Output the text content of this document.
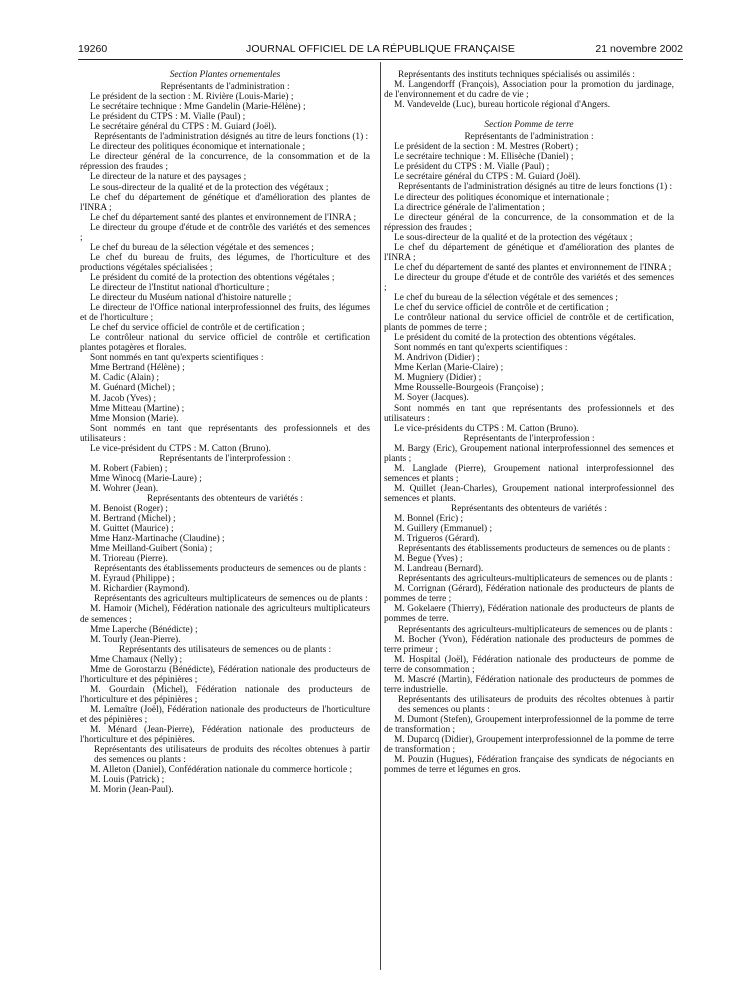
19260	JOURNAL OFFICIEL DE LA RÉPUBLIQUE FRANÇAISE	21 novembre 2002

Section Plantes ornementales

Représentants de l'administration :

Le président de la section : M. Rivière (Louis-Marie) ;

Le secrétaire technique : Mme Gandelin (Marie-Hélène) ;

Le président du CTPS : M. Vialle (Paul) ;

Le secrétaire général du CTPS : M. Guiard (Joël).

Représentants de l'administration désignés au titre de leurs fonctions (1) :

Le directeur des politiques économique et internationale ;

Le directeur général de la concurrence, de la consommation et de la répression des fraudes ;

Le directeur de la nature et des paysages ;

Le sous-directeur de la qualité et de la protection des végétaux ;

Le chef du département de génétique et d'amélioration des plantes de l'INRA ;

Le chef du département santé des plantes et environnement de l'INRA ;

Le directeur du groupe d'étude et de contrôle des variétés et des semences ;

Le chef du bureau de la sélection végétale et des semences ;

Le chef du bureau de fruits, des légumes, de l'horticulture et des productions végétales spécialisées ;

Le président du comité de la protection des obtentions végétales ;

Le directeur de l'Institut national d'horticulture ;

Le directeur du Muséum national d'histoire naturelle ;

Le directeur de l'Office national interprofessionnel des fruits, des légumes et de l'horticulture ;

Le chef du service officiel de contrôle et de certification ;

Le contrôleur national du service officiel de contrôle et certification plantes potagères et florales.

Sont nommés en tant qu'experts scientifiques :

Mme Bertrand (Hélène) ;

M. Cadic (Alain) ;

M. Guénard (Michel) ;

M. Jacob (Yves) ;

Mme Mitteau (Martine) ;

Mme Monsion (Marie).

Sont nommés en tant que représentants des professionnels et des utilisateurs :

Le vice-président du CTPS : M. Catton (Bruno).

Représentants de l'interprofession :

M. Robert (Fabien) ;

Mme Winocq (Marie-Laure) ;

M. Wohrer (Jean).

Représentants des obtenteurs de variétés :

M. Benoist (Roger) ;

M. Bertrand (Michel) ;

M. Guittet (Maurice) ;

Mme Hanz-Martinache (Claudine) ;

Mme Meilland-Guibert (Sonia) ;

M. Trioreau (Pierre).

Représentants des établissements producteurs de semences ou de plants :

M. Eyraud (Philippe) ;

M. Richardier (Raymond).

Représentants des agriculteurs multiplicateurs de semences ou de plants :

M. Hamoir (Michel), Fédération nationale des agriculteurs multiplicateurs de semences ;

Mme Laperche (Bénédicte) ;

M. Tourly (Jean-Pierre).

Représentants des utilisateurs de semences ou de plants :

Mme Chamaux (Nelly) ;

Mme de Gorostarzu (Bénédicte), Fédération nationale des producteurs de l'horticulture et des pépinières ;

M. Gourdain (Michel), Fédération nationale des producteurs de l'horticulture et des pépinières ;

M. Lemaître (Joël), Fédération nationale des producteurs de l'horticulture et des pépinières ;

M. Ménard (Jean-Pierre), Fédération nationale des producteurs de l'horticulture et des pépinières.

Représentants des utilisateurs de produits des récoltes obtenues à partir des semences ou plants :

M. Alleton (Daniel), Confédération nationale du commerce horticole ;

M. Louis (Patrick) ;

M. Morin (Jean-Paul).

Représentants des instituts techniques spécialisés ou assimilés :

M. Langendorff (François), Association pour la promotion du jardinage, de l'environnement et du cadre de vie ;

M. Vandevelde (Luc), bureau horticole régional d'Angers.

Section Pomme de terre

Représentants de l'administration :

Le président de la section : M. Mestres (Robert) ;

Le secrétaire technique : M. Ellisèche (Daniel) ;

Le président du CTPS : M. Vialle (Paul) ;

Le secrétaire général du CTPS : M. Guiard (Joël).

Représentants de l'administration désignés au titre de leurs fonctions (1) :

Le directeur des politiques économique et internationale ;

La directrice générale de l'alimentation ;

Le directeur général de la concurrence, de la consommation et de la répression des fraudes ;

Le sous-directeur de la qualité et de la protection des végétaux ;

Le chef du département de génétique et d'amélioration des plantes de l'INRA ;

Le chef du département de santé des plantes et environnement de l'INRA ;

Le directeur du groupe d'étude et de contrôle des variétés et des semences ;

Le chef du bureau de la sélection végétale et des semences ;

Le chef du service officiel de contrôle et de certification ;

Le contrôleur national du service officiel de contrôle et de certification, plants de pommes de terre ;

Le président du comité de la protection des obtentions végétales.

Sont nommés en tant qu'experts scientifiques :

M. Andrivon (Didier) ;

Mme Kerlan (Marie-Claire) ;

M. Mugniery (Didier) ;

Mme Rousselle-Bourgeois (Françoise) ;

M. Soyer (Jacques).

Sont nommés en tant que représentants des professionnels et des utilisateurs :

Le vice-présidents du CTPS : M. Catton (Bruno).

Représentants de l'interprofession :

M. Bargy (Eric), Groupement national interprofessionnel des semences et plants ;

M. Langlade (Pierre), Groupement national interprofessionnel des semences et plants ;

M. Quillet (Jean-Charles), Groupement national interprofessionnel des semences et plants.

Représentants des obtenteurs de variétés :

M. Bonnel (Eric) ;

M. Guillery (Emmanuel) ;

M. Trigueros (Gérard).

Représentants des établissements producteurs de semences ou de plants :

M. Begue (Yves) ;

M. Landreau (Bernard).

Représentants des agriculteurs-multiplicateurs de semences ou de plants :

M. Corrignan (Gérard), Fédération nationale des producteurs de plants de pommes de terre ;

M. Gokelaere (Thierry), Fédération nationale des producteurs de plants de pommes de terre.

Représentants des agriculteurs-multiplicateurs de semences ou de plants :

M. Bocher (Yvon), Fédération nationale des producteurs de pommes de terre primeur ;

M. Hospital (Joël), Fédération nationale des producteurs de pomme de terre de consommation ;

M. Mascré (Martin), Fédération nationale des producteurs de pommes de terre industrielle.

Représentants des utilisateurs de produits des récoltes obtenues à partir des semences ou plants :

M. Dumont (Stefen), Groupement interprofessionnel de la pomme de terre de transformation ;

M. Duparcq (Didier), Groupement interprofessionnel de la pomme de terre de transformation ;

M. Pouzin (Hugues), Fédération française des syndicats de négociants en pommes de terre et légumes en gros.
